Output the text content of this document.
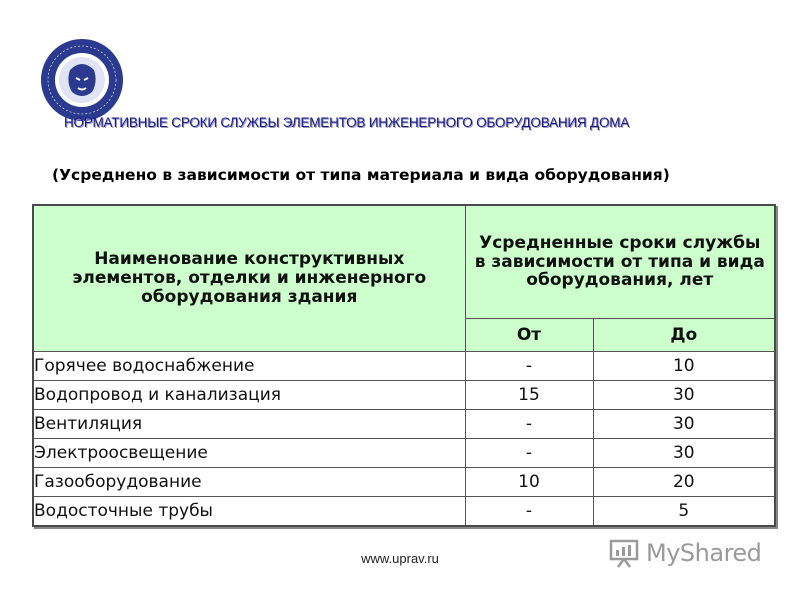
НОРМАТИВНЫЕ СРОКИ СЛУЖБЫ ЭЛЕМЕНТОВ ИНЖЕНЕРНОГО ОБОРУДОВАНИЯ ДОМА
(Усреднено в зависимости от типа материала и вида оборудования)
Наименование конструктивных элементов, отделки и инженерного оборудования здания	Усредненные сроки службы в зависимости от типа и вида оборудования, лет	
	От	До
Горячее водоснабжение	-	10
Водопровод и канализация	15	30
Вентиляция	-	30
Электроосвещение	-	30
Газооборудование	10	20
Водосточные трубы	-	5
www.uprav.ru	MyShared
